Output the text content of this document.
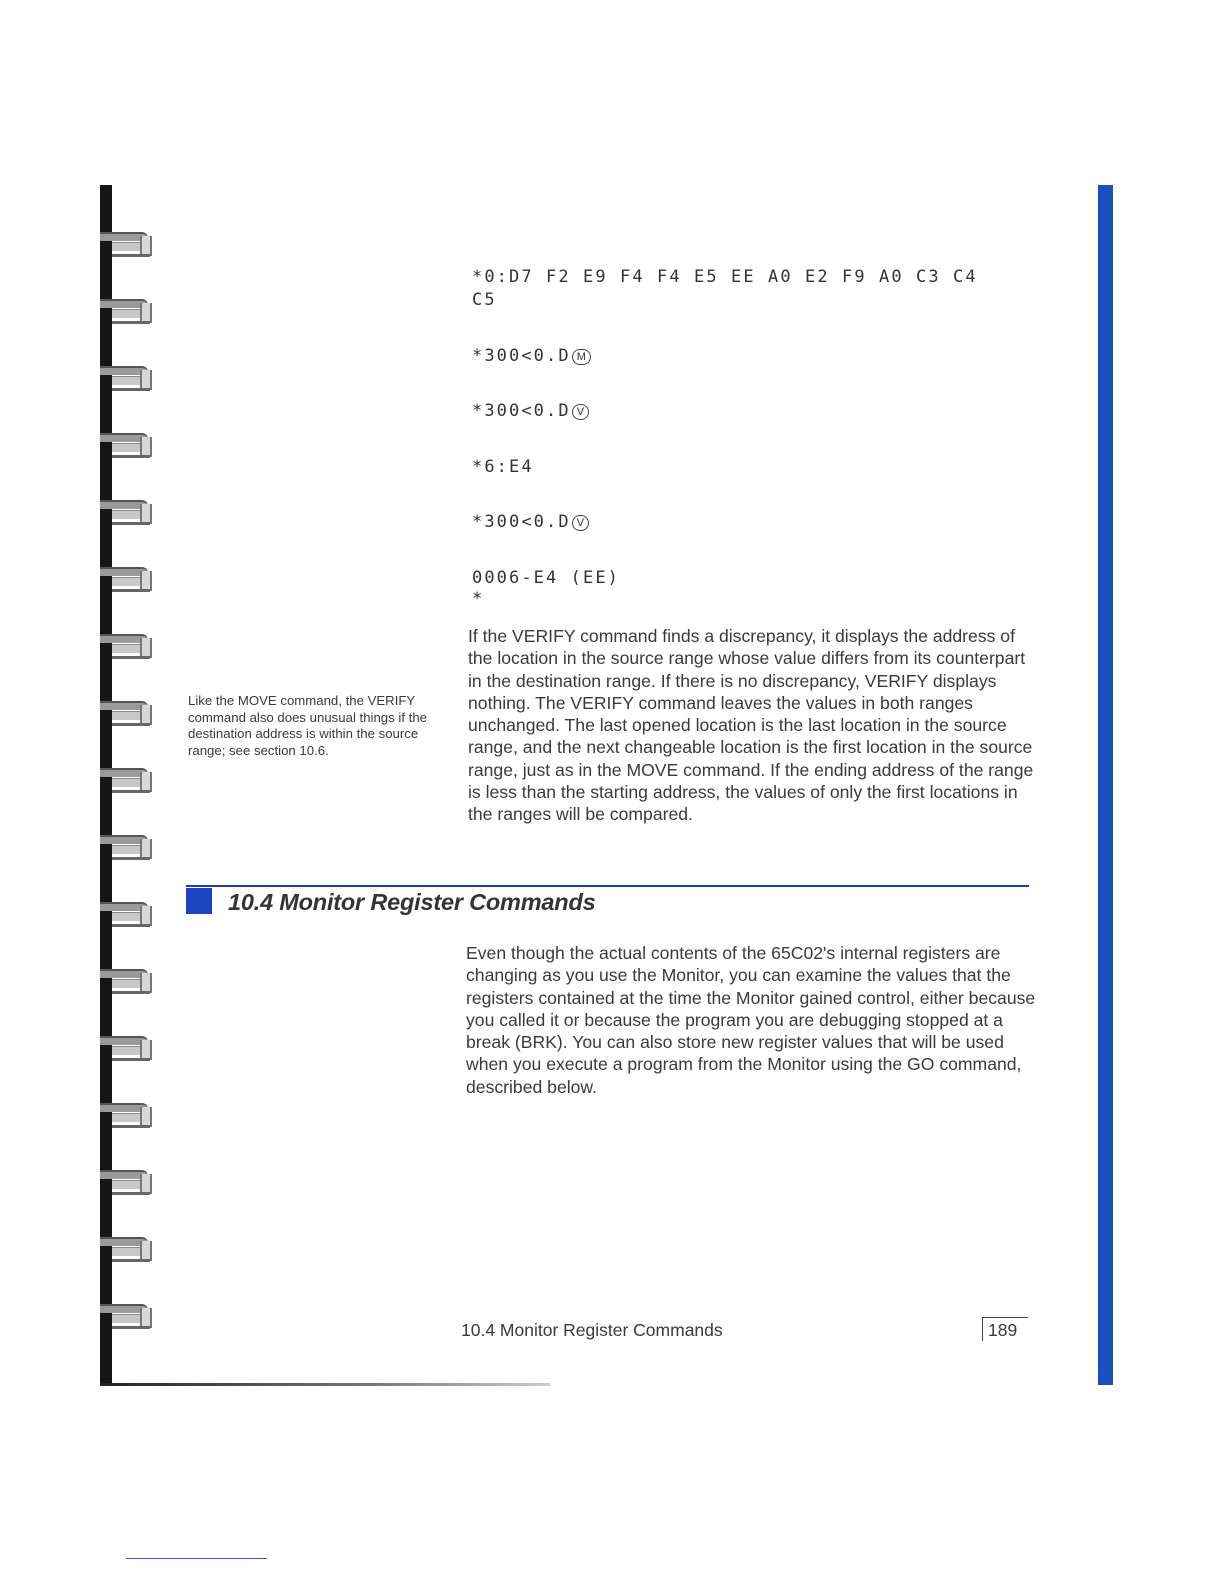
*0:D7 F2 E9 F4 F4 E5 EE A0 E2 F9 A0 C3 C4
C5
*300<0.D M
*300<0.D V
*6:E4
*300<0.D V
0006-E4 (EE)
*
Like the MOVE command, the VERIFY command also does unusual things if the destination address is within the source range; see section 10.6.
If the VERIFY command finds a discrepancy, it displays the address of the location in the source range whose value differs from its counterpart in the destination range. If there is no discrepancy, VERIFY displays nothing. The VERIFY command leaves the values in both ranges unchanged. The last opened location is the last location in the source range, and the next changeable location is the first location in the source range, just as in the MOVE command. If the ending address of the range is less than the starting address, the values of only the first locations in the ranges will be compared.
10.4 Monitor Register Commands
Even though the actual contents of the 65C02's internal registers are changing as you use the Monitor, you can examine the values that the registers contained at the time the Monitor gained control, either because you called it or because the program you are debugging stopped at a break (BRK). You can also store new register values that will be used when you execute a program from the Monitor using the GO command, described below.
10.4 Monitor Register Commands	189
